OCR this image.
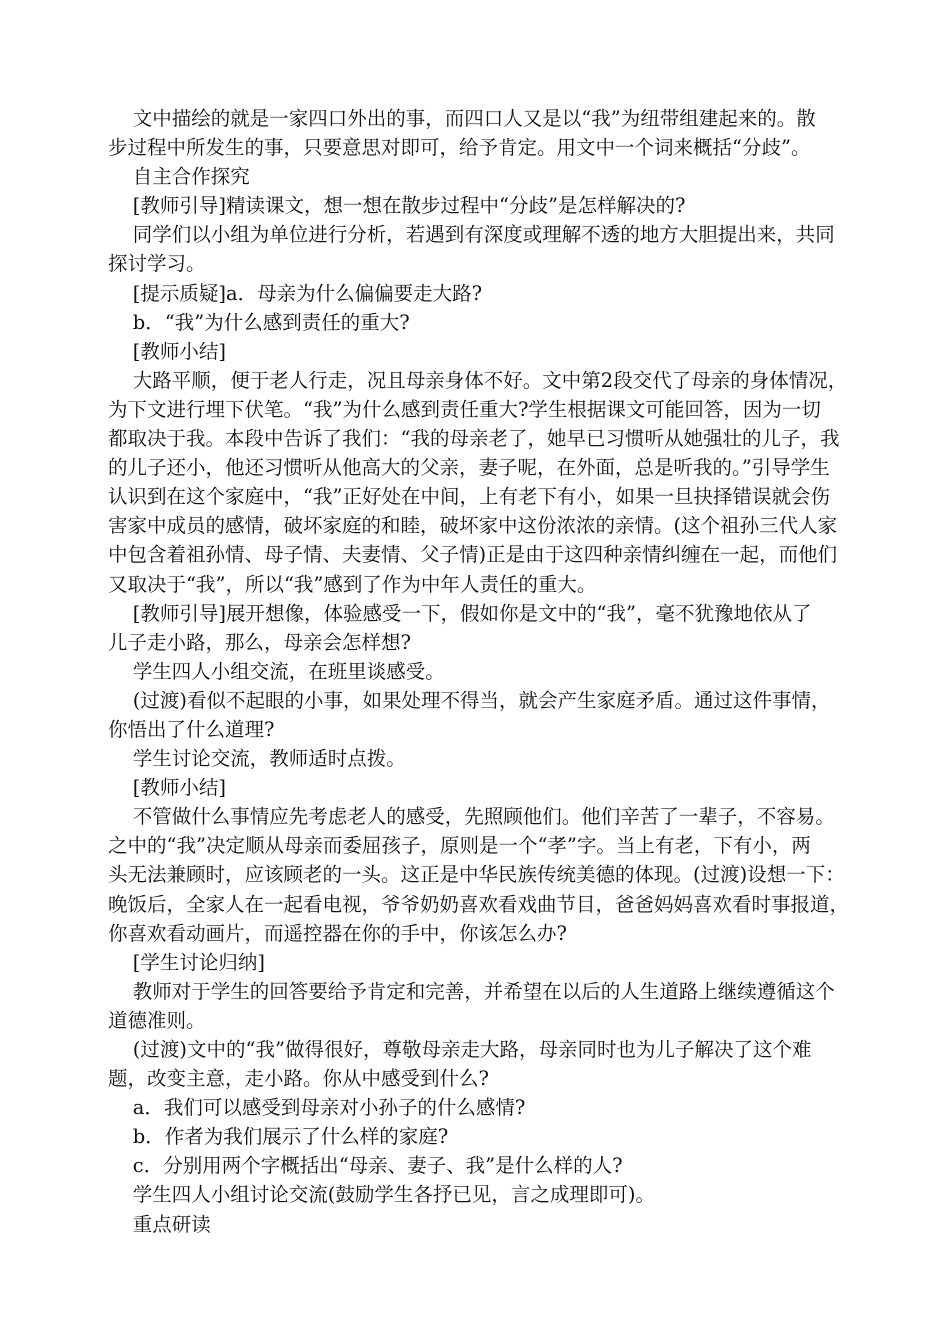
文中描绘的就是一家四口外出的事，而四口人又是以“我”为纽带组建起来的。散

步过程中所发生的事，只要意思对即可，给予肯定。用文中一个词来概括“分歧”。

自主合作探究

[教师引导]精读课文，想一想在散步过程中“分歧”是怎样解决的?

同学们以小组为单位进行分析，若遇到有深度或理解不透的地方大胆提出来，共同

探讨学习。

[提示质疑]a．母亲为什么偏偏要走大路?

b．“我”为什么感到责任的重大?

[教师小结]

大路平顺，便于老人行走，况且母亲身体不好。文中第2段交代了母亲的身体情况，

为下文进行埋下伏笔。“我”为什么感到责任重大?学生根据课文可能回答，因为一切

都取决于我。本段中告诉了我们：“我的母亲老了，她早已习惯听从她强壮的儿子，我

的儿子还小，他还习惯听从他高大的父亲，妻子呢，在外面，总是听我的。”引导学生

认识到在这个家庭中，“我”正好处在中间，上有老下有小，如果一旦抉择错误就会伤

害家中成员的感情，破坏家庭的和睦，破坏家中这份浓浓的亲情。(这个祖孙三代人家

中包含着祖孙情、母子情、夫妻情、父子情)正是由于这四种亲情纠缠在一起，而他们

又取决于“我”，所以“我”感到了作为中年人责任的重大。

[教师引导]展开想像，体验感受一下，假如你是文中的“我”，毫不犹豫地依从了

儿子走小路，那么，母亲会怎样想?

学生四人小组交流，在班里谈感受。

(过渡)看似不起眼的小事，如果处理不得当，就会产生家庭矛盾。通过这件事情，

你悟出了什么道理?

学生讨论交流，教师适时点拨。

[教师小结]

不管做什么事情应先考虑老人的感受，先照顾他们。他们辛苦了一辈子，不容易。

之中的“我”决定顺从母亲而委屈孩子，原则是一个“孝”字。当上有老，下有小，两

头无法兼顾时，应该顾老的一头。这正是中华民族传统美德的体现。(过渡)设想一下：

晚饭后，全家人在一起看电视，爷爷奶奶喜欢看戏曲节目，爸爸妈妈喜欢看时事报道，

你喜欢看动画片，而遥控器在你的手中，你该怎么办?

[学生讨论归纳]

教师对于学生的回答要给予肯定和完善，并希望在以后的人生道路上继续遵循这个

道德准则。

(过渡)文中的“我”做得很好，尊敬母亲走大路，母亲同时也为儿子解决了这个难

题，改变主意，走小路。你从中感受到什么?

a．我们可以感受到母亲对小孙子的什么感情?

b．作者为我们展示了什么样的家庭?

c．分别用两个字概括出“母亲、妻子、我”是什么样的人?

学生四人小组讨论交流(鼓励学生各抒已见，言之成理即可)。

重点研读
